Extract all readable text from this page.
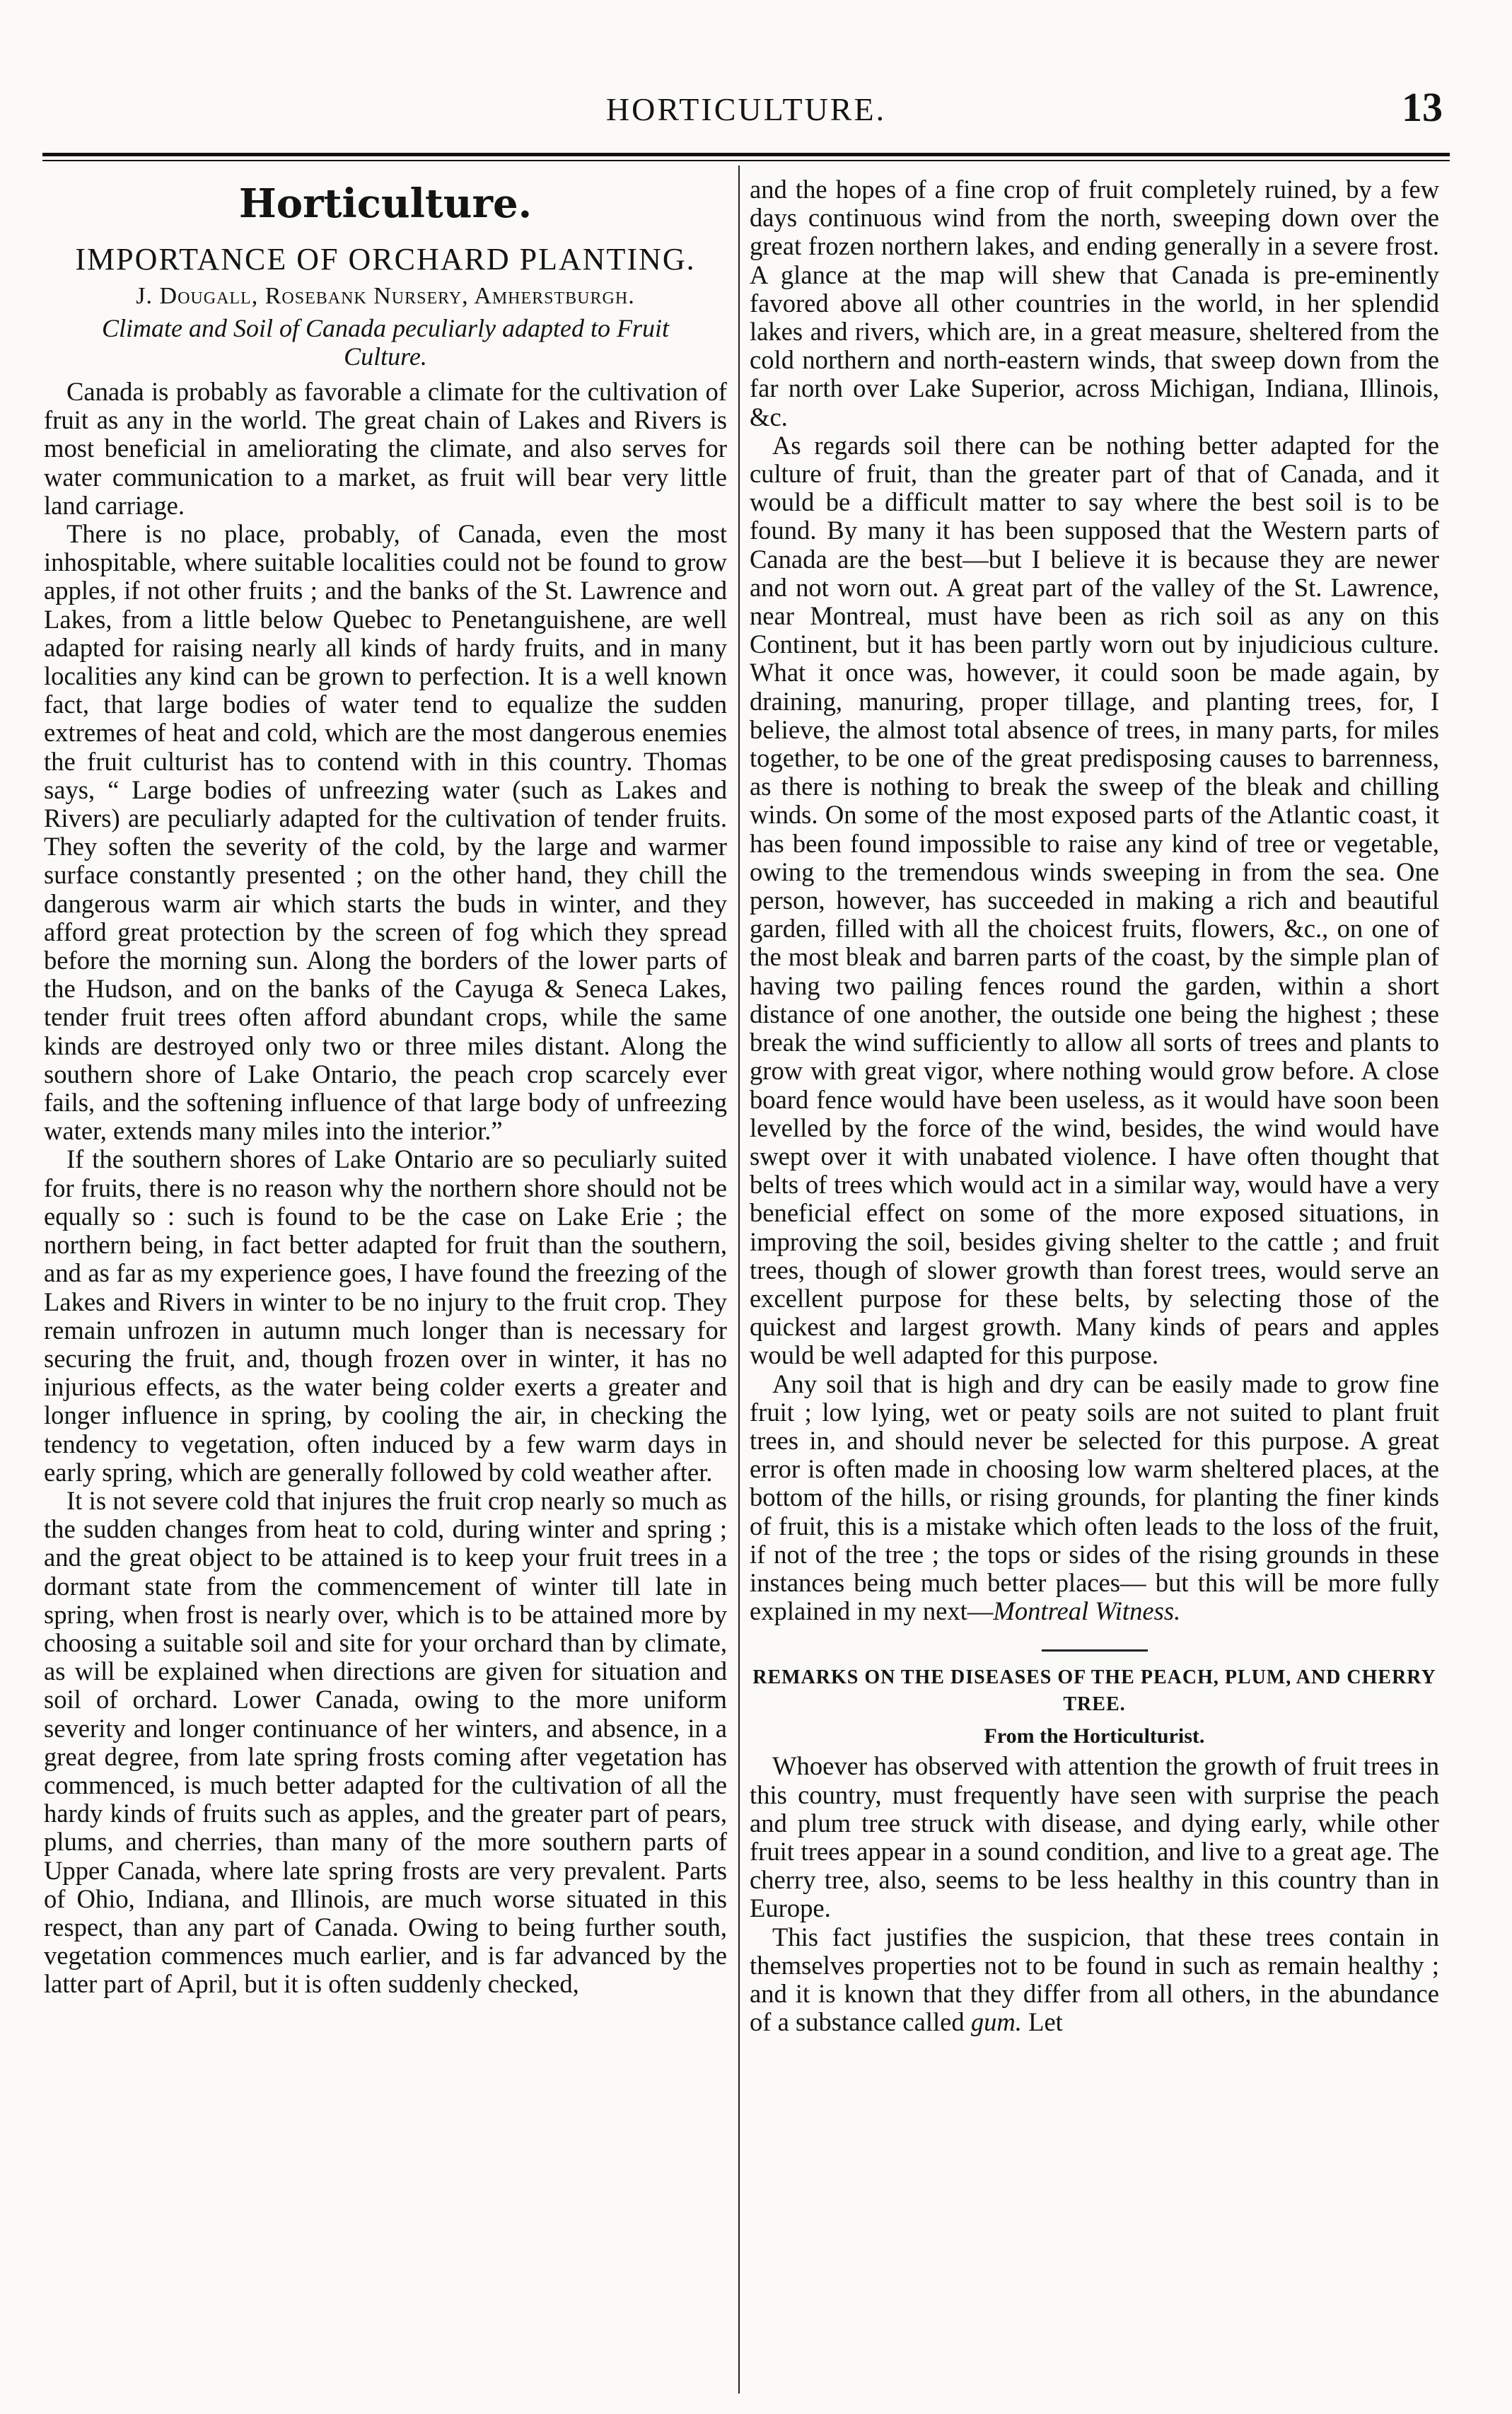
HORTICULTURE.	13
Horticulture.
IMPORTANCE OF ORCHARD PLANTING.
J. Dougall, Rosebank Nursery, Amherstburgh.
Climate and Soil of Canada peculiarly adapted to Fruit Culture.

Canada is probably as favorable a climate for the cultivation of fruit as any in the world. The great chain of Lakes and Rivers is most beneficial in ameliorating the climate, and also serves for water communication to a market, as fruit will bear very little land carriage.

There is no place, probably, of Canada, even the most inhospitable, where suitable localities could not be found to grow apples, if not other fruits ; and the banks of the St. Lawrence and Lakes, from a little below Quebec to Penetanguishene, are well adapted for raising nearly all kinds of hardy fruits, and in many localities any kind can be grown to perfection. It is a well known fact, that large bodies of water tend to equalize the sudden extremes of heat and cold, which are the most dangerous enemies the fruit culturist has to contend with in this country. Thomas says, “ Large bodies of unfreezing water (such as Lakes and Rivers) are peculiarly adapted for the cultivation of tender fruits. They soften the severity of the cold, by the large and warmer surface constantly presented ; on the other hand, they chill the dangerous warm air which starts the buds in winter, and they afford great protection by the screen of fog which they spread before the morning sun. Along the borders of the lower parts of the Hudson, and on the banks of the Cayuga & Seneca Lakes, tender fruit trees often afford abundant crops, while the same kinds are destroyed only two or three miles distant. Along the southern shore of Lake Ontario, the peach crop scarcely ever fails, and the softening influence of that large body of unfreezing water, extends many miles into the interior.”

If the southern shores of Lake Ontario are so peculiarly suited for fruits, there is no reason why the northern shore should not be equally so : such is found to be the case on Lake Erie ; the northern being, in fact better adapted for fruit than the southern, and as far as my experience goes, I have found the freezing of the Lakes and Rivers in winter to be no injury to the fruit crop. They remain unfrozen in autumn much longer than is necessary for securing the fruit, and, though frozen over in winter, it has no injurious effects, as the water being colder exerts a greater and longer influence in spring, by cooling the air, in checking the tendency to vegetation, often induced by a few warm days in early spring, which are generally followed by cold weather after.

It is not severe cold that injures the fruit crop nearly so much as the sudden changes from heat to cold, during winter and spring ; and the great object to be attained is to keep your fruit trees in a dormant state from the commencement of winter till late in spring, when frost is nearly over, which is to be attained more by choosing a suitable soil and site for your orchard than by climate, as will be explained when directions are given for situation and soil of orchard. Lower Canada, owing to the more uniform severity and longer continuance of her winters, and absence, in a great degree, from late spring frosts coming after vegetation has commenced, is much better adapted for the cultivation of all the hardy kinds of fruits such as apples, and the greater part of pears, plums, and cherries, than many of the more southern parts of Upper Canada, where late spring frosts are very prevalent. Parts of Ohio, Indiana, and Illinois, are much worse situated in this respect, than any part of Canada. Owing to being further south, vegetation commences much earlier, and is far advanced by the latter part of April, but it is often suddenly checked,

and the hopes of a fine crop of fruit completely ruined, by a few days continuous wind from the north, sweeping down over the great frozen northern lakes, and ending generally in a severe frost. A glance at the map will shew that Canada is pre-eminently favored above all other countries in the world, in her splendid lakes and rivers, which are, in a great measure, sheltered from the cold northern and north-eastern winds, that sweep down from the far north over Lake Superior, across Michigan, Indiana, Illinois, &c.

As regards soil there can be nothing better adapted for the culture of fruit, than the greater part of that of Canada, and it would be a difficult matter to say where the best soil is to be found. By many it has been supposed that the Western parts of Canada are the best—but I believe it is because they are newer and not worn out. A great part of the valley of the St. Lawrence, near Montreal, must have been as rich soil as any on this Continent, but it has been partly worn out by injudicious culture. What it once was, however, it could soon be made again, by draining, manuring, proper tillage, and planting trees, for, I believe, the almost total absence of trees, in many parts, for miles together, to be one of the great predisposing causes to barrenness, as there is nothing to break the sweep of the bleak and chilling winds. On some of the most exposed parts of the Atlantic coast, it has been found impossible to raise any kind of tree or vegetable, owing to the tremendous winds sweeping in from the sea. One person, however, has succeeded in making a rich and beautiful garden, filled with all the choicest fruits, flowers, &c., on one of the most bleak and barren parts of the coast, by the simple plan of having two pailing fences round the garden, within a short distance of one another, the outside one being the highest ; these break the wind sufficiently to allow all sorts of trees and plants to grow with great vigor, where nothing would grow before. A close board fence would have been useless, as it would have soon been levelled by the force of the wind, besides, the wind would have swept over it with unabated violence. I have often thought that belts of trees which would act in a similar way, would have a very beneficial effect on some of the more exposed situations, in improving the soil, besides giving shelter to the cattle ; and fruit trees, though of slower growth than forest trees, would serve an excellent purpose for these belts, by selecting those of the quickest and largest growth. Many kinds of pears and apples would be well adapted for this purpose.

Any soil that is high and dry can be easily made to grow fine fruit ; low lying, wet or peaty soils are not suited to plant fruit trees in, and should never be selected for this purpose. A great error is often made in choosing low warm sheltered places, at the bottom of the hills, or rising grounds, for planting the finer kinds of fruit, this is a mistake which often leads to the loss of the fruit, if not of the tree ; the tops or sides of the rising grounds in these instances being much better places— but this will be more fully explained in my next—Montreal Witness.

REMARKS ON THE DISEASES OF THE PEACH, PLUM, AND CHERRY TREE.
From the Horticulturist.

Whoever has observed with attention the growth of fruit trees in this country, must frequently have seen with surprise the peach and plum tree struck with disease, and dying early, while other fruit trees appear in a sound condition, and live to a great age. The cherry tree, also, seems to be less healthy in this country than in Europe.

This fact justifies the suspicion, that these trees contain in themselves properties not to be found in such as remain healthy ; and it is known that they differ from all others, in the abundance of a substance called gum. Let
